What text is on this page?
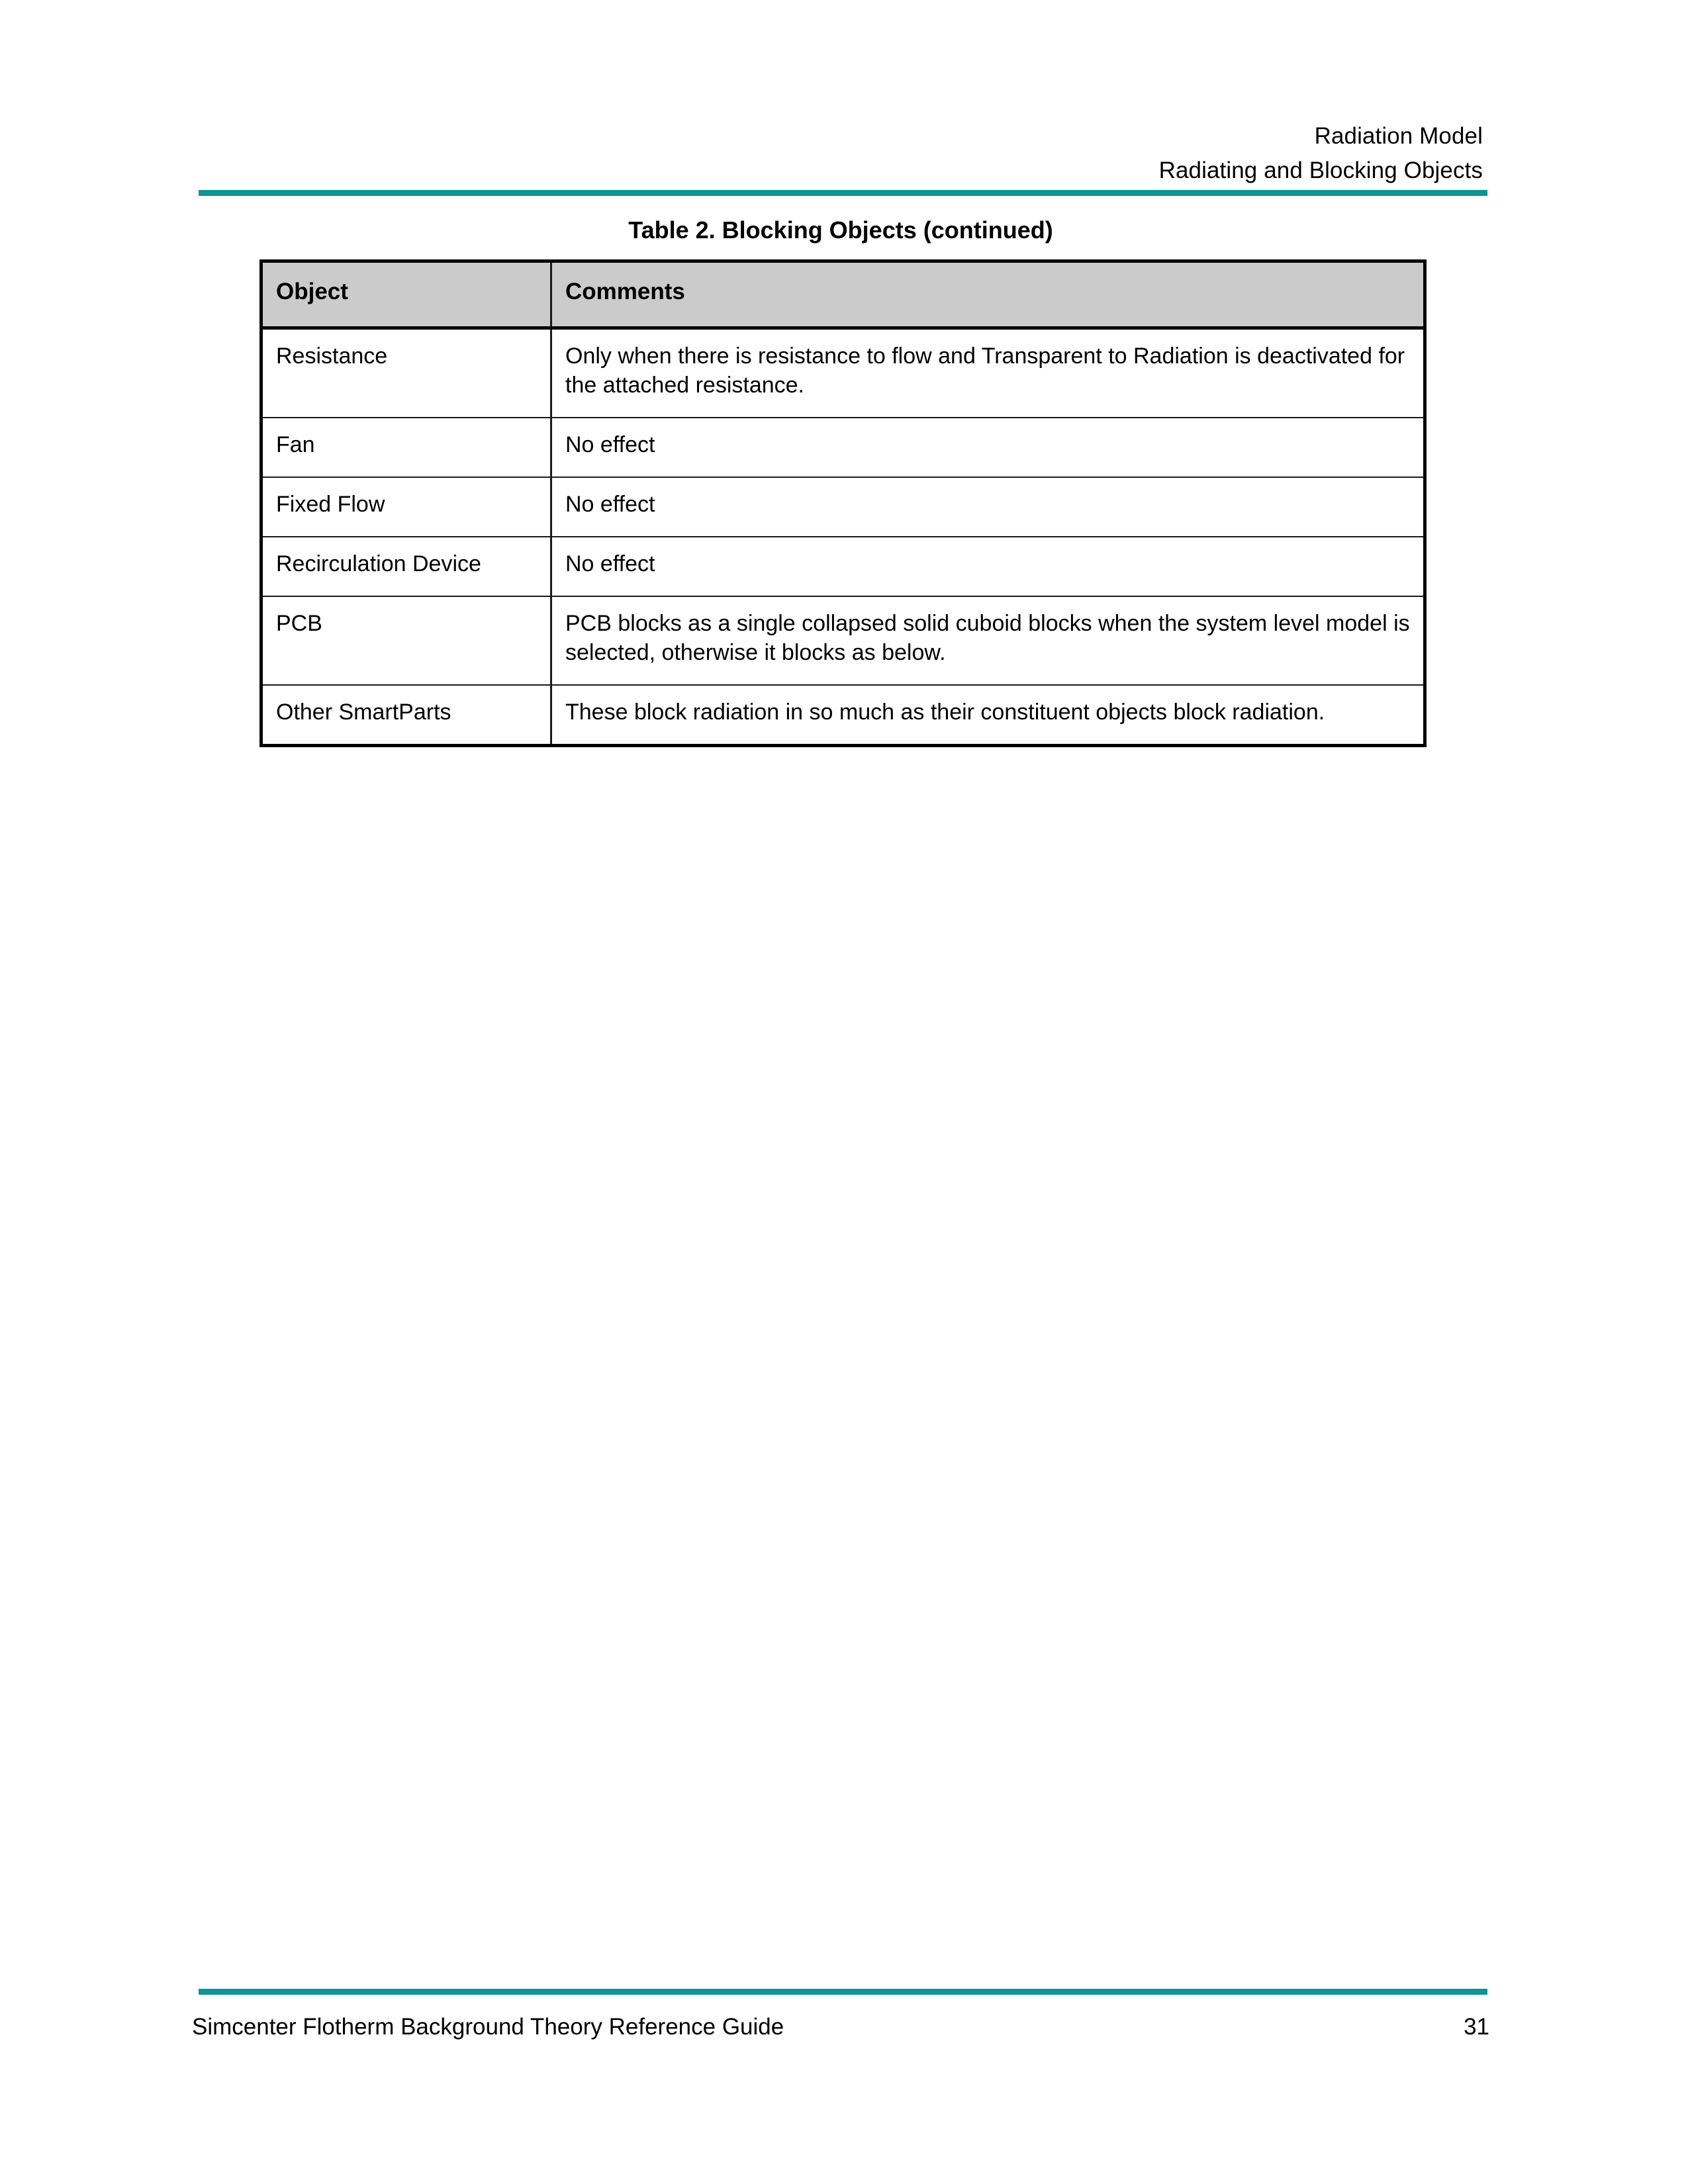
Radiation Model
Radiating and Blocking Objects
Table 2. Blocking Objects (continued)
Object	Comments
Resistance	Only when there is resistance to flow and Transparent to Radiation is deactivated for the attached resistance.
Fan	No effect
Fixed Flow	No effect
Recirculation Device	No effect
PCB	PCB blocks as a single collapsed solid cuboid blocks when the system level model is selected, otherwise it blocks as below.
Other SmartParts	These block radiation in so much as their constituent objects block radiation.
Simcenter Flotherm Background Theory Reference Guide	31
